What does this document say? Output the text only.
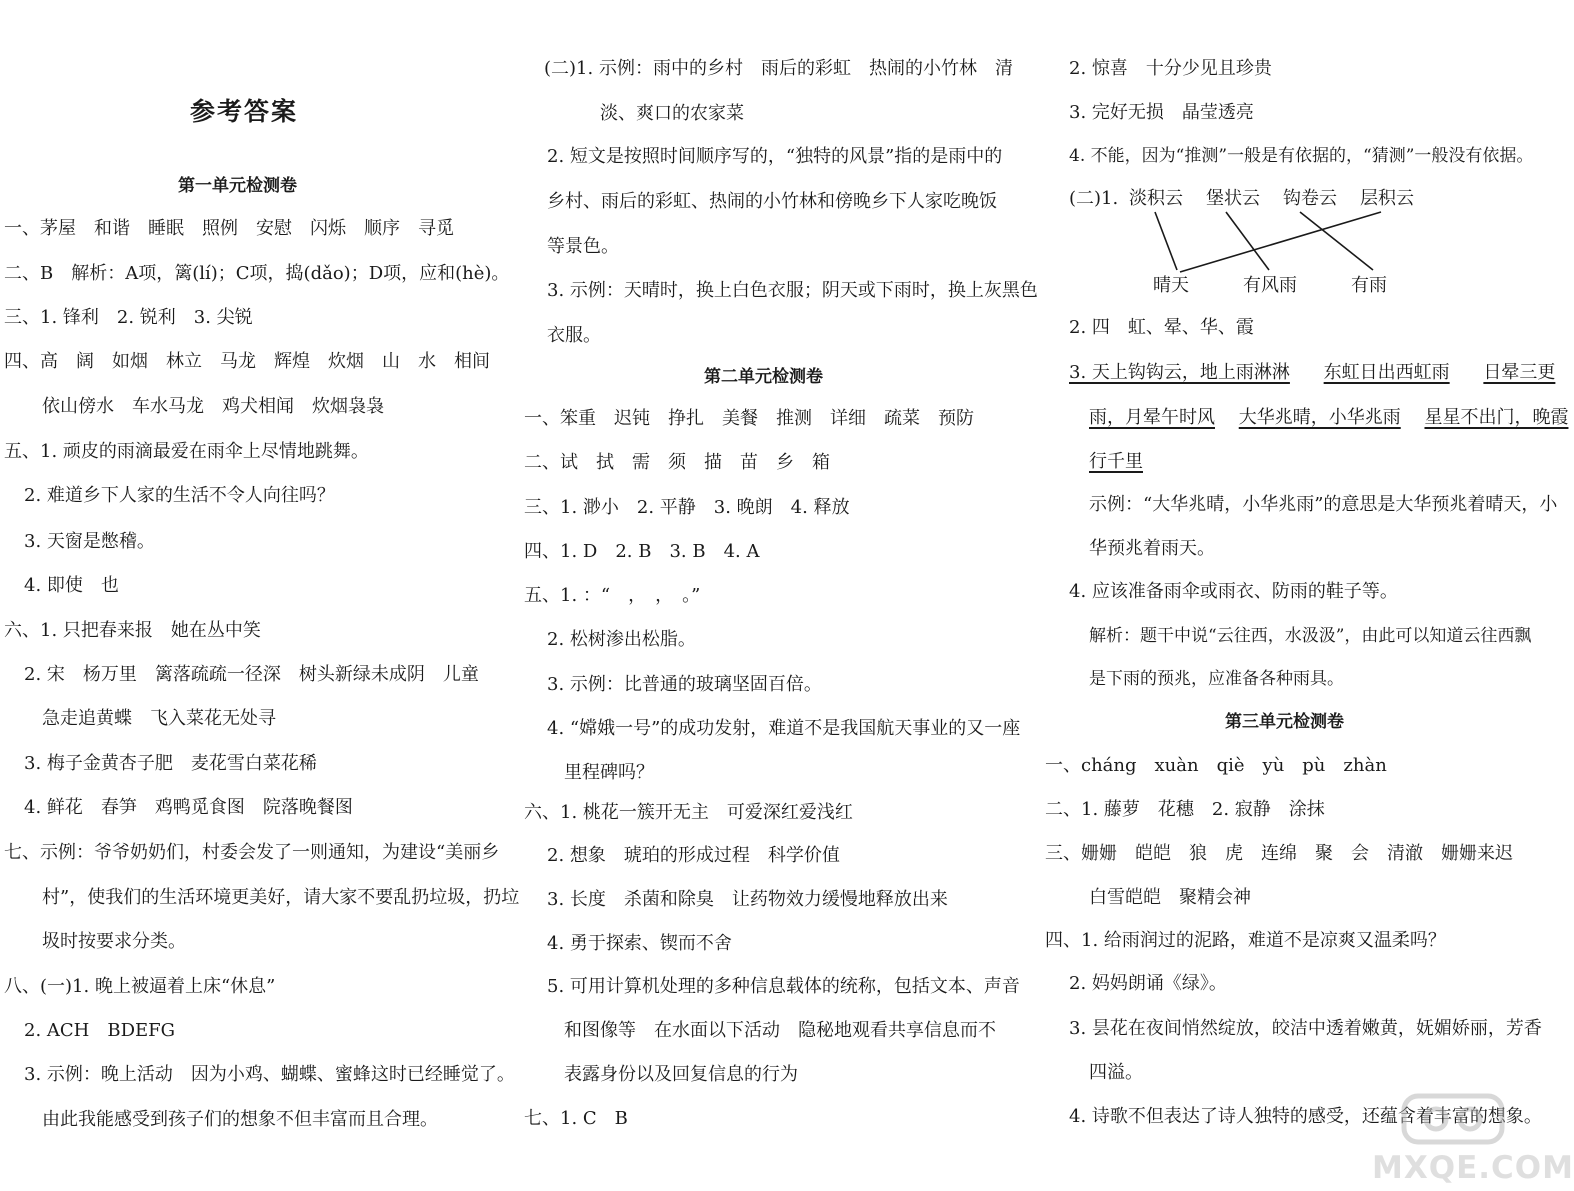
参考答案
第一单元检测卷
一、茅屋　和谐　睡眠　照例　安慰　闪烁　顺序　寻觅
二、B　解析：A项，篱(lí)；C项，捣(dǎo)；D项，应和(hè)。
三、1. 锋利　2. 锐利　3. 尖锐
四、高　阔　如烟　林立　马龙　辉煌　炊烟　山　水　相间
依山傍水　车水马龙　鸡犬相闻　炊烟袅袅
五、1. 顽皮的雨滴最爱在雨伞上尽情地跳舞。
2. 难道乡下人家的生活不令人向往吗？
3. 天窗是憋稽。
4. 即使　也
六、1. 只把春来报　她在丛中笑
2. 宋　杨万里　篱落疏疏一径深　树头新绿未成阴　儿童
急走追黄蝶　飞入菜花无处寻
3. 梅子金黄杏子肥　麦花雪白菜花稀
4. 鲜花　春笋　鸡鸭觅食图　院落晚餐图
七、示例：爷爷奶奶们，村委会发了一则通知，为建设“美丽乡
村”，使我们的生活环境更美好，请大家不要乱扔垃圾，扔垃
圾时按要求分类。
八、(一)1. 晚上被逼着上床“休息”
2. ACH　BDEFG
3. 示例：晚上活动　因为小鸡、蝴蝶、蜜蜂这时已经睡觉了。
由此我能感受到孩子们的想象不但丰富而且合理。
(二)1. 示例：雨中的乡村　雨后的彩虹　热闹的小竹林　清
淡、爽口的农家菜
2. 短文是按照时间顺序写的，“独特的风景”指的是雨中的
乡村、雨后的彩虹、热闹的小竹林和傍晚乡下人家吃晚饭
等景色。
3. 示例：天晴时，换上白色衣服；阴天或下雨时，换上灰黑色
衣服。
第二单元检测卷
一、笨重　迟钝　挣扎　美餐　推测　详细　疏菜　预防
二、试　拭　需　须　描　苗　乡　箱
三、1. 渺小　2. 平静　3. 晚朗　4. 释放
四、1. D　2. B　3. B　4. A
五、1. ：“　，　，　。”
2. 松树渗出松脂。
3. 示例：比普通的玻璃坚固百倍。
4. “嫦娥一号”的成功发射，难道不是我国航天事业的又一座
里程碑吗？
六、1. 桃花一簇开无主　可爱深红爱浅红
2. 想象　琥珀的形成过程　科学价值
3. 长度　杀菌和除臭　让药物效力缓慢地释放出来
4. 勇于探索、锲而不舍
5. 可用计算机处理的多种信息载体的统称，包括文本、声音
和图像等　在水面以下活动　隐秘地观看共享信息而不
表露身份以及回复信息的行为
七、1. C　B
2. 惊喜　十分少见且珍贵
3. 完好无损　晶莹透亮
4. 不能，因为“推测”一般是有依据的，“猜测”一般没有依据。
2. 四　虹、晕、华、霞
3. 天上钩钩云，地上雨淋淋 东虹日出西虹雨 日晕三更
雨，月晕午时风 大华兆晴，小华兆雨 星星不出门，晚霞
行千里
示例：“大华兆晴，小华兆雨”的意思是大华预兆着晴天，小
华预兆着雨天。
4. 应该准备雨伞或雨衣、防雨的鞋子等。
解析：题干中说“云往西，水汲汲”，由此可以知道云往西飘
是下雨的预兆，应准备各种雨具。
第三单元检测卷
一、cháng　xuàn　qiè　yù　pù　zhàn
二、1. 藤萝　花穗　2. 寂静　涂抹
三、姗姗　皑皑　狼　虎　连绵　聚　会　清澈　姗姗来迟
白雪皑皑　聚精会神
四、1. 给雨润过的泥路，难道不是凉爽又温柔吗？
2. 妈妈朗诵《绿》。
3. 昙花在夜间悄然绽放，皎洁中透着嫩黄，妩媚娇丽，芳香
四溢。
4. 诗歌不但表达了诗人独特的感受，还蕴含着丰富的想象。
(二)1. 淡积云 堡状云 钩卷云 层积云
晴天	有风雨	有雨
MXQE.COM
